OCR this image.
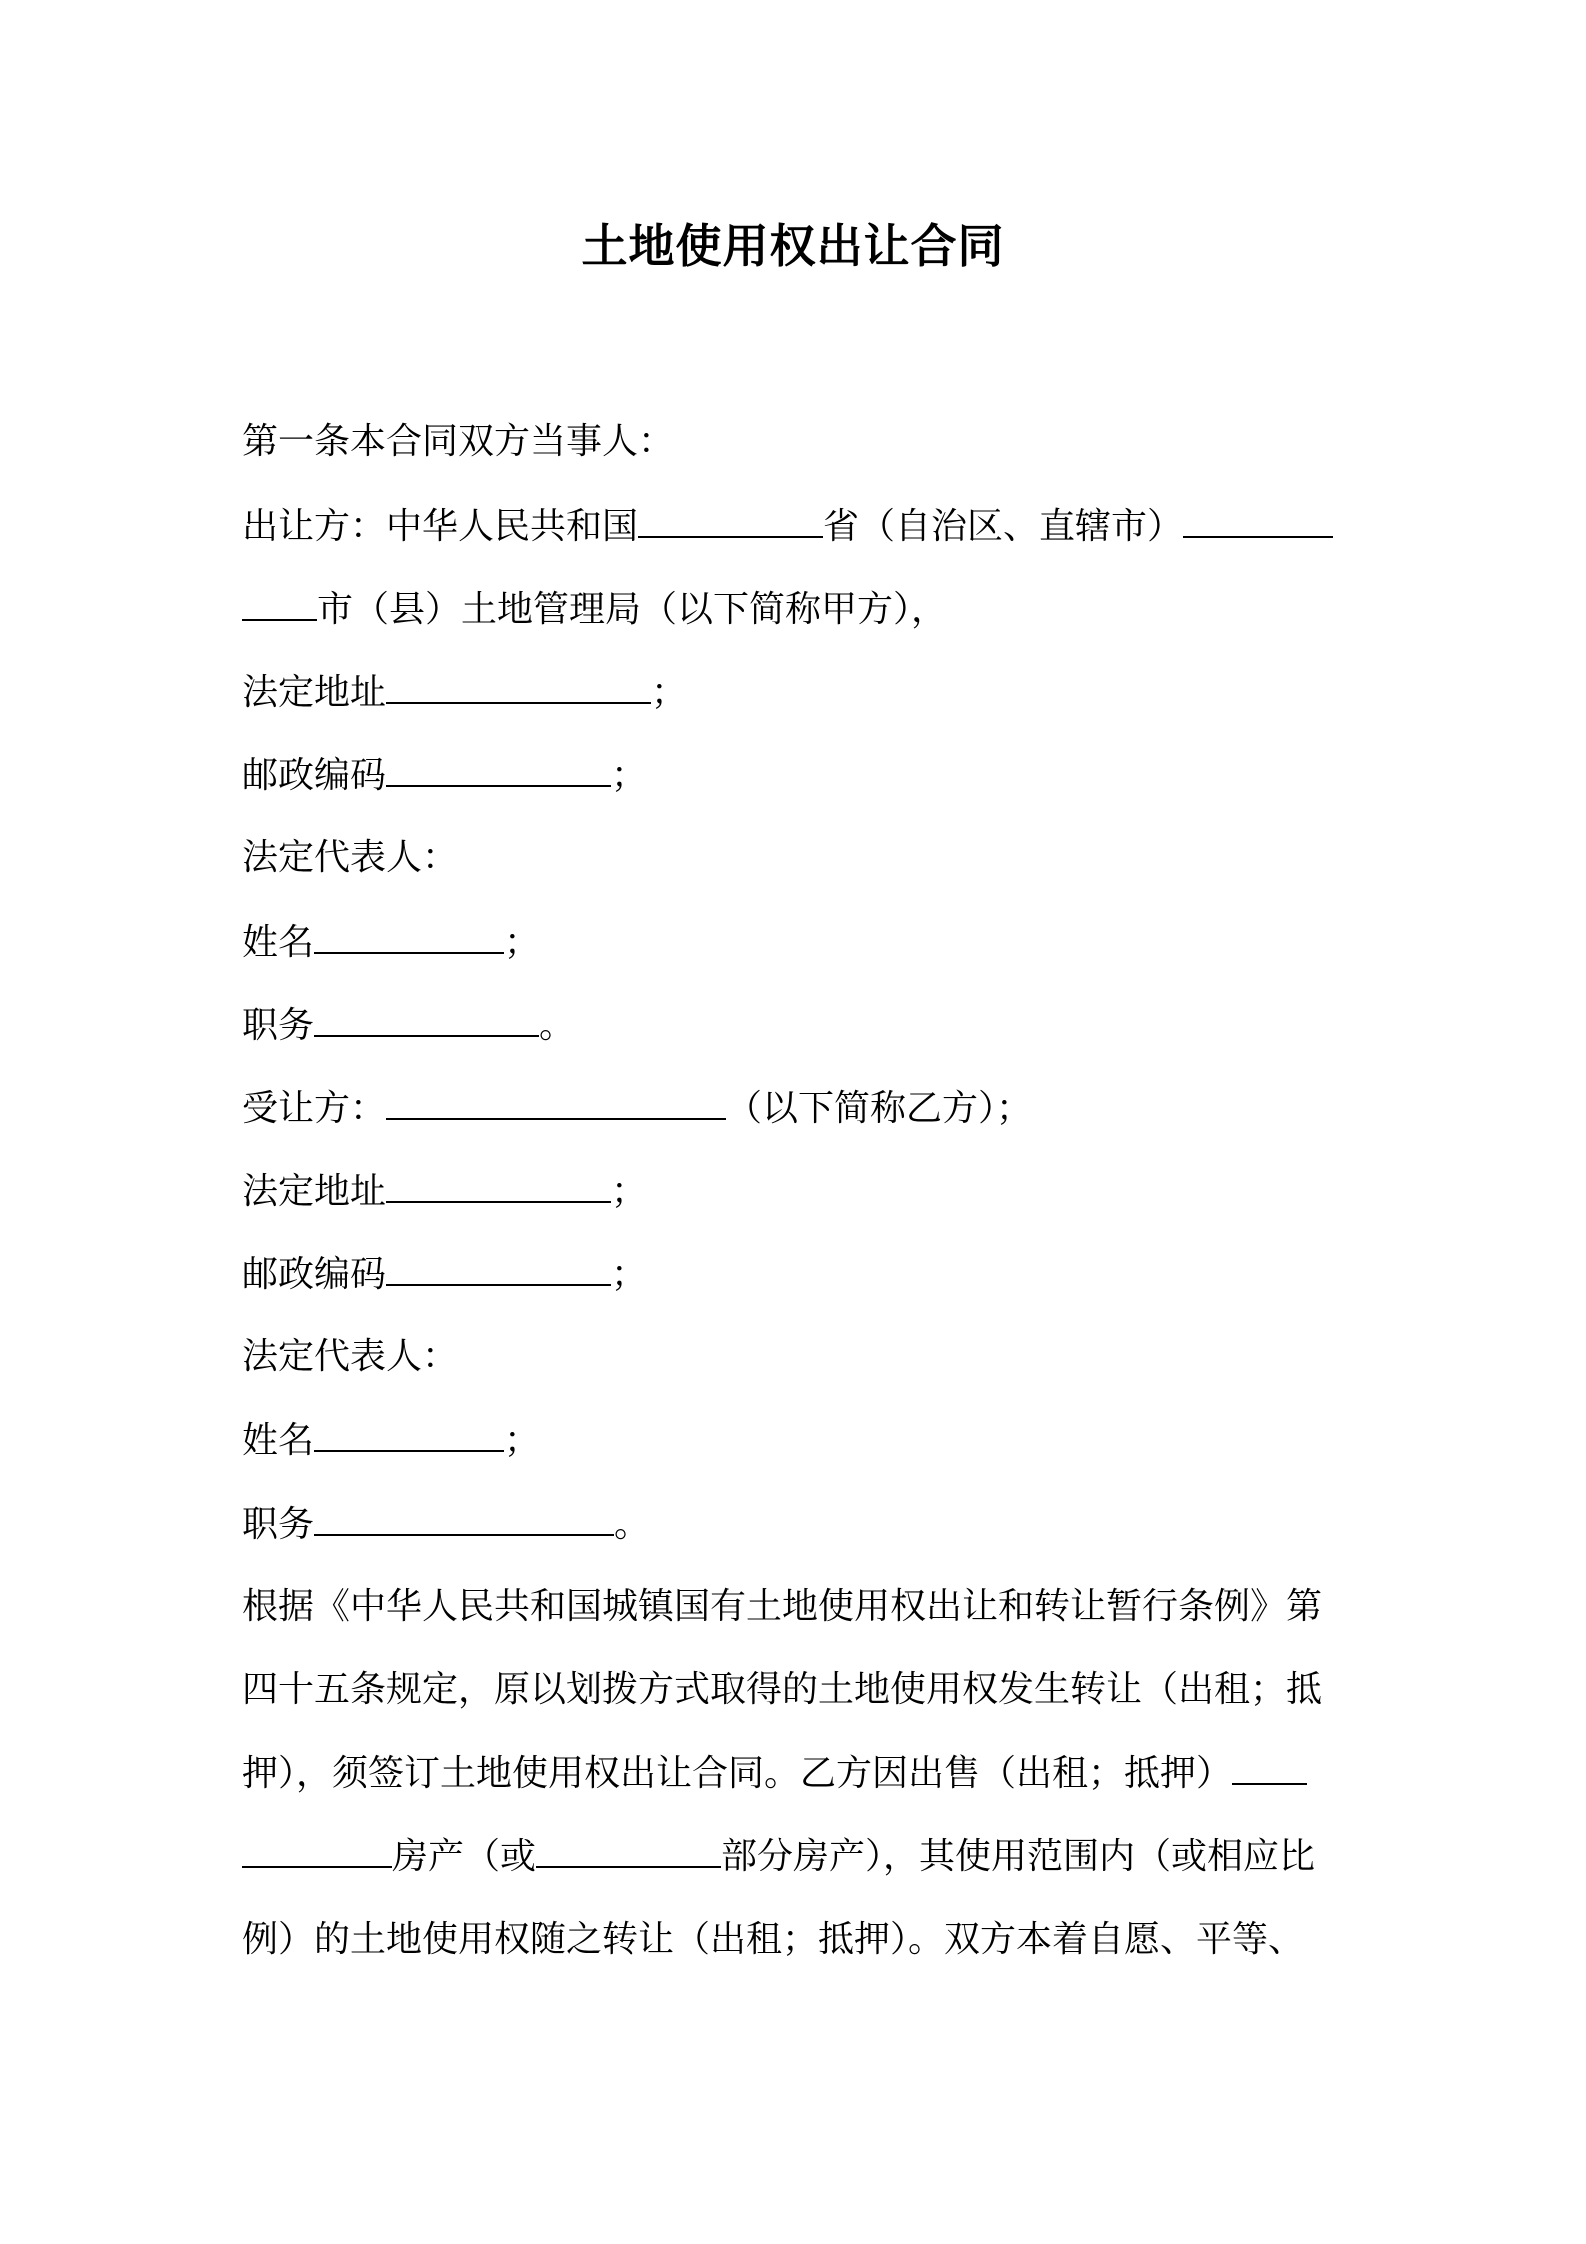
土地使用权出让合同
第一条本合同双方当事人：
出让方：中华人民共和国	省（自治区、直辖市）
市（县）土地管理局（以下简称甲方），
法定地址	；
邮政编码	；
法定代表人：
姓名	；
职务	。
受让方：	（以下简称乙方）；
法定地址	；
邮政编码	；
法定代表人：
姓名	；
职务	。
根据《中华人民共和国城镇国有土地使用权出让和转让暂行条例》第
四十五条规定，原以划拨方式取得的土地使用权发生转让（出租；抵
押），须签订土地使用权出让合同。乙方因出售（出租；抵押）
房产（或	部分房产），其使用范围内（或相应比
例）的土地使用权随之转让（出租；抵押）。双方本着自愿、平等、
